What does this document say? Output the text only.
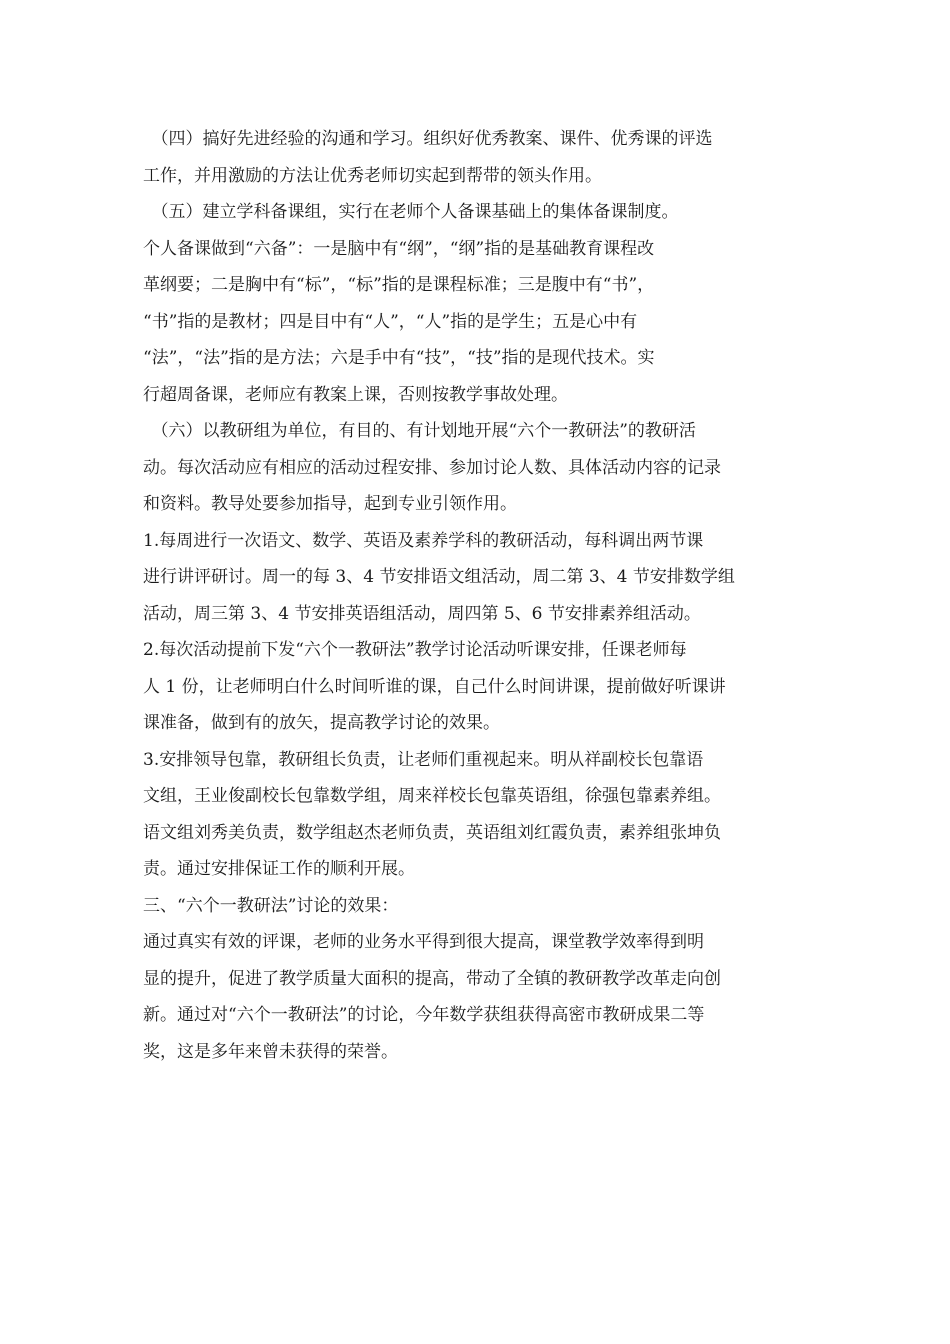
　（四）搞好先进经验的沟通和学习。组织好优秀教案、课件、优秀课的评选
工作，并用激励的方法让优秀老师切实起到帮带的领头作用。
　（五）建立学科备课组，实行在老师个人备课基础上的集体备课制度。
个人备课做到“六备”：一是脑中有“纲”，“纲”指的是基础教育课程改
革纲要；二是胸中有“标”，“标”指的是课程标准；三是腹中有“书”，
“书”指的是教材；四是目中有“人”，“人”指的是学生；五是心中有
“法”，“法”指的是方法；六是手中有“技”，“技”指的是现代技术。实
行超周备课，老师应有教案上课，否则按教学事故处理。
　（六）以教研组为单位，有目的、有计划地开展“六个一教研法”的教研活
动。每次活动应有相应的活动过程安排、参加讨论人数、具体活动内容的记录
和资料。教导处要参加指导，起到专业引领作用。
1.每周进行一次语文、数学、英语及素养学科的教研活动，每科调出两节课
进行讲评研讨。周一的每 3、4 节安排语文组活动，周二第 3、4 节安排数学组
活动，周三第 3、4 节安排英语组活动，周四第 5、6 节安排素养组活动。
2.每次活动提前下发“六个一教研法”教学讨论活动听课安排，任课老师每
人 1 份，让老师明白什么时间听谁的课，自己什么时间讲课，提前做好听课讲
课准备，做到有的放矢，提高教学讨论的效果。
3.安排领导包靠，教研组长负责，让老师们重视起来。明从祥副校长包靠语
文组，王业俊副校长包靠数学组，周来祥校长包靠英语组，徐强包靠素养组。
语文组刘秀美负责，数学组赵杰老师负责，英语组刘红霞负责，素养组张坤负
责。通过安排保证工作的顺利开展。
三、“六个一教研法”讨论的效果：
通过真实有效的评课，老师的业务水平得到很大提高，课堂教学效率得到明
显的提升，促进了教学质量大面积的提高，带动了全镇的教研教学改革走向创
新。通过对“六个一教研法”的讨论，今年数学获组获得高密市教研成果二等
奖，这是多年来曾未获得的荣誉。
